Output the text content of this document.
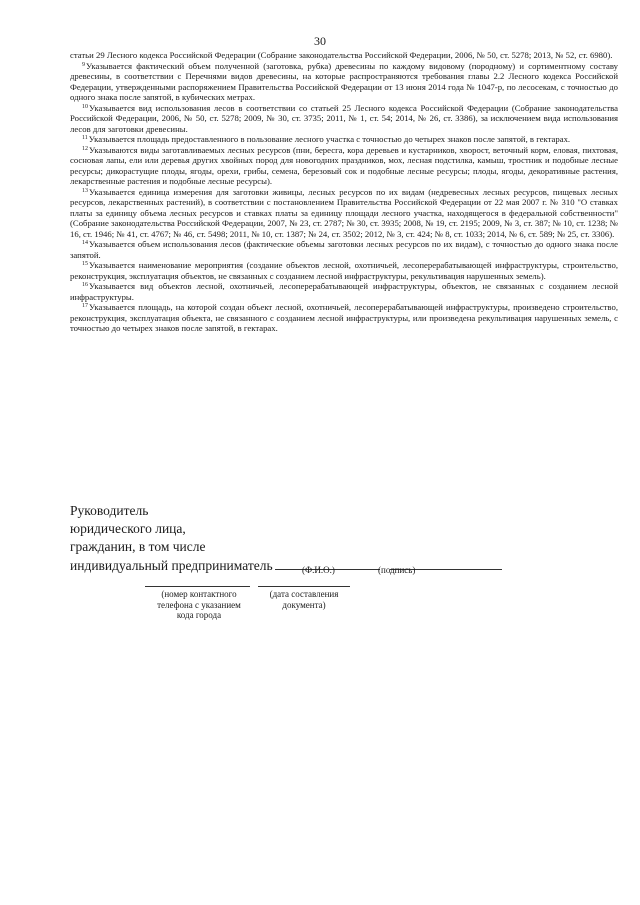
30

статьи 29 Лесного кодекса Российской Федерации (Собрание законодательства Российской Федерации, 2006, № 50, ст. 5278; 2013, № 52, ст. 6980).

$^9$Указывается фактический объем полученной (заготовка, рубка) древесины по каждому видовому (породному) и сортиментному составу древесины, в соответствии с Перечнями видов древесины, на которые распространяются требования главы 2.2 Лесного кодекса Российской Федерации, утвержденными распоряжением Правительства Российской Федерации от 13 июня 2014 года № 1047-р, по лесосекам, с точностью до одного знака после запятой, в кубических метрах.

$^{10}$Указывается вид использования лесов в соответствии со статьей 25 Лесного кодекса Российской Федерации (Собрание законодательства Российской Федерации, 2006, № 50, ст. 5278; 2009, № 30, ст. 3735; 2011, № 1, ст. 54; 2014, № 26, ст. 3386), за исключением вида использования лесов для заготовки древесины.

$^{11}$Указывается площадь предоставленного в пользование лесного участка с точностью до четырех знаков после запятой, в гектарах.

$^{12}$Указываются виды заготавливаемых лесных ресурсов (пни, бересга, кора деревьев и кустарников, хворост, веточный корм, еловая, пихтовая, сосновая лапы, ели или деревья других хвойных пород для новогодних праздников, мох, лесная подстилка, камыш, тростник и подобные лесные ресурсы; дикорастущие плоды, ягоды, орехи, грибы, семена, березовый сок и подобные лесные ресурсы; плоды, ягоды, декоративные растения, лекарственные растения и подобные лесные ресурсы).

$^{13}$Указывается единица измерения для заготовки живицы, лесных ресурсов по их видам (недревесных лесных ресурсов, пищевых лесных ресурсов, лекарственных растений), в соответствии с постановлением Правительства Российской Федерации от 22 мая 2007 г. № 310 "О ставках платы за единицу объема лесных ресурсов и ставках платы за единицу площади лесного участка, находящегося в федеральной собственности" (Собрание законодательства Российской Федерации, 2007, № 23, ст. 2787; № 30, ст. 3935; 2008, № 19, ст. 2195; 2009, № 3, ст. 387; № 10, ст. 1238; № 16, ст. 1946; № 41, ст. 4767; № 46, ст. 5498; 2011, № 10, ст. 1387; № 24, ст. 3502; 2012, № 3, ст. 424; № 8, ст. 1033; 2014, № 6, ст. 589; № 25, ст. 3306).

$^{14}$Указывается объем использования лесов (фактические объемы заготовки лесных ресурсов по их видам), с точностью до одного знака после запятой.

$^{15}$Указывается наименование мероприятия (создание объектов лесной, охотничьей, лесоперерабатывающей инфраструктуры, строительство, реконструкция, эксплуатация объектов, не связанных с созданием лесной инфраструктуры, рекультивация нарушенных земель).

$^{16}$Указывается вид объектов лесной, охотничьей, лесоперерабатывающей инфраструктуры, объектов, не связанных с созданием лесной инфраструктуры.

$^{17}$Указывается площадь, на которой создан объект лесной, охотничьей, лесоперерабатывающей инфраструктуры, произведено строительство, реконструкция, эксплуатация объекта, не связанного с созданием лесной инфраструктуры, или произведена рекультивация нарушенных земель, с точностью до четырех знаков после запятой, в гектарах.

Руководитель
юридического лица,
гражданин, в том числе
индивидуальный предприниматель	(Ф.И.О.)	(подпись)
(номер контактного
телефона с указанием
кода города
(дата составления
документа)
